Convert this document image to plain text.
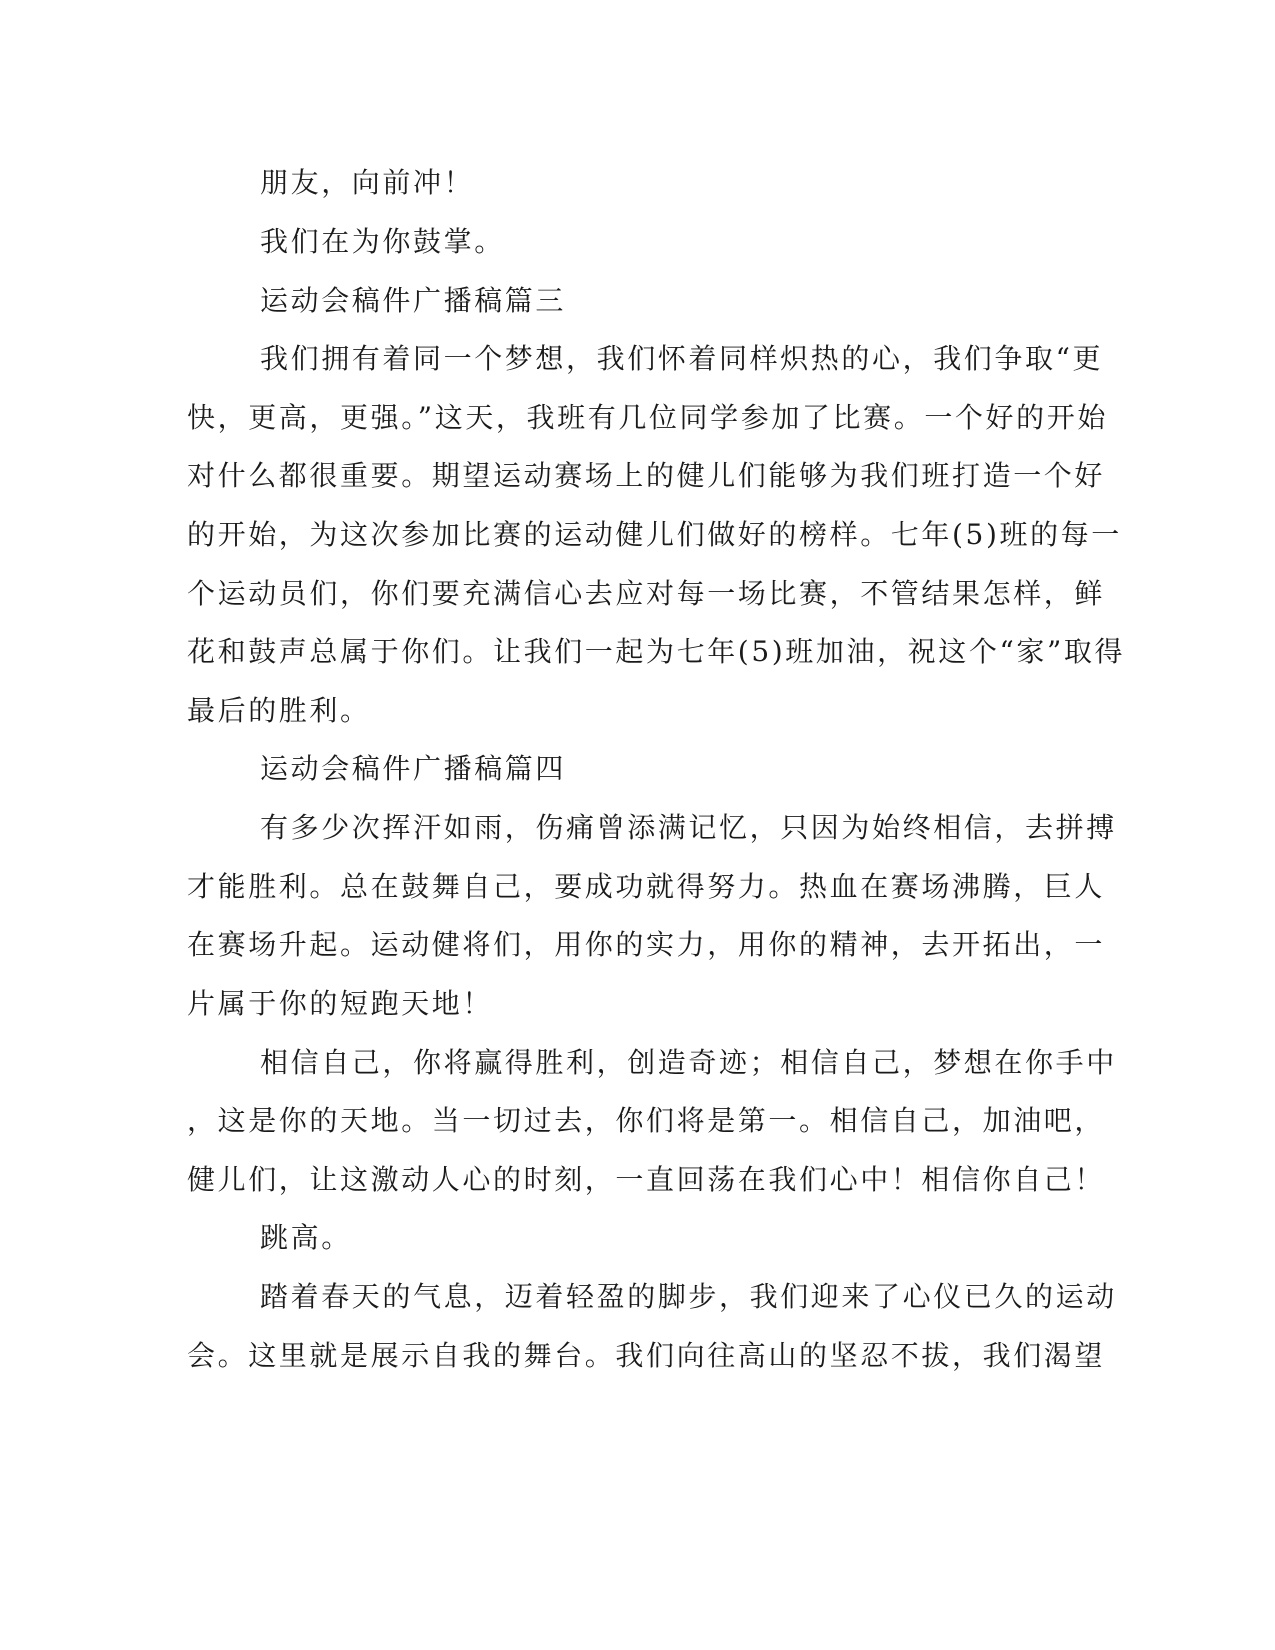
朋友，向前冲！
我们在为你鼓掌。
运动会稿件广播稿篇三
我们拥有着同一个梦想，我们怀着同样炽热的心，我们争取“更
快，更高，更强。”这天，我班有几位同学参加了比赛。一个好的开始
对什么都很重要。期望运动赛场上的健儿们能够为我们班打造一个好
的开始，为这次参加比赛的运动健儿们做好的榜样。七年(5)班的每一
个运动员们，你们要充满信心去应对每一场比赛，不管结果怎样，鲜
花和鼓声总属于你们。让我们一起为七年(5)班加油，祝这个“家”取得
最后的胜利。
运动会稿件广播稿篇四
有多少次挥汗如雨，伤痛曾添满记忆，只因为始终相信，去拼搏
才能胜利。总在鼓舞自己，要成功就得努力。热血在赛场沸腾，巨人
在赛场升起。运动健将们，用你的实力，用你的精神，去开拓出，一
片属于你的短跑天地！
相信自己，你将赢得胜利，创造奇迹；相信自己，梦想在你手中
，这是你的天地。当一切过去，你们将是第一。相信自己，加油吧，
健儿们，让这激动人心的时刻，一直回荡在我们心中！相信你自己！
跳高。
踏着春天的气息，迈着轻盈的脚步，我们迎来了心仪已久的运动
会。这里就是展示自我的舞台。我们向往高山的坚忍不拔，我们渴望
